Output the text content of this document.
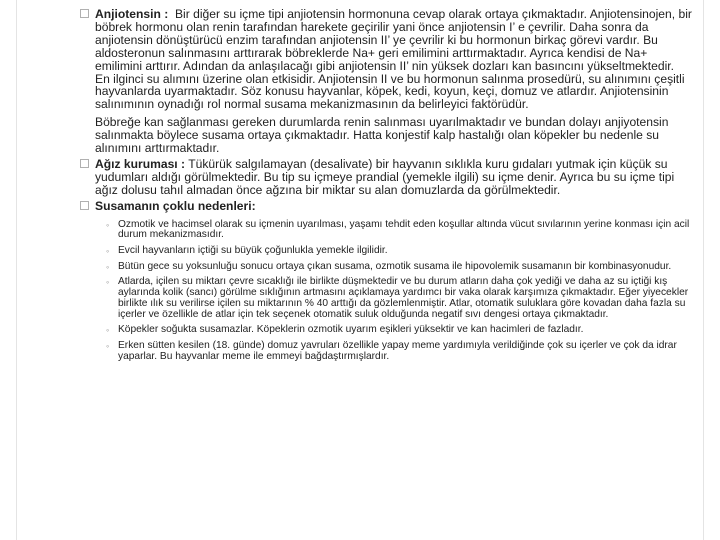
Anjiotensin : Bir diğer su içme tipi anjiotensin hormonuna cevap olarak ortaya çıkmaktadır. Anjiotensinojen, bir böbrek hormonu olan renin tarafından harekete geçirilir yani önce anjiotensin I’ e çevrilir. Daha sonra da anjiotensin dönüştürücü enzim tarafından anjiotensin II’ ye çevrilir ki bu hormonun birkaç görevi vardır. Bu aldosteronun salınmasını arttırarak böbreklerde Na+ geri emilimini arttırmaktadır. Ayrıca kendisi de Na+ emilimini arttırır. Adından da anlaşılacağı gibi anjiotensin II’ nin yüksek dozları kan basıncını yükseltmektedir. En ilginci su alımını üzerine olan etkisidir. Anjiotensin II ve bu hormonun salınma prosedürü, su alınımını çeşitli hayvanlarda uyarmaktadır. Söz konusu hayvanlar, köpek, kedi, koyun, keçi, domuz ve atlardır. Anjiotensinin salınımının oynadığı rol normal susama mekanizmasının da belirleyici faktörüdür.
Böbreğe kan sağlanması gereken durumlarda renin salınması uyarılmaktadır ve bundan dolayı anjiyotensin salınmakta böylece susama ortaya çıkmaktadır. Hatta konjestif kalp hastalığı olan köpekler bu nedenle su alınımını arttırmaktadır.
Ağız kuruması : Tükürük salgılamayan (desalivate) bir hayvanın sıklıkla kuru gıdaları yutmak için küçük su yudumları aldığı görülmektedir. Bu tip su içmeye prandial (yemekle ilgili) su içme denir. Ayrıca bu su içme tipi ağız dolusu tahıl almadan önce ağzına bir miktar su alan domuzlarda da görülmektedir.
Susamanın çoklu nedenleri:
◦ Ozmotik ve hacimsel olarak su içmenin uyarılması, yaşamı tehdit eden koşullar altında vücut sıvılarının yerine konması için acil durum mekanizmasıdır.
◦ Evcil hayvanların içtiği su büyük çoğunlukla yemekle ilgilidir.
◦ Bütün gece su yoksunluğu sonucu ortaya çıkan susama, ozmotik susama ile hipovolemik susamanın bir kombinasyonudur.
◦ Atlarda, içilen su miktarı çevre sıcaklığı ile birlikte düşmektedir ve bu durum atların daha çok yediği ve daha az su içtiği kış aylarında kolik (sancı) görülme sıklığının artmasını açıklamaya yardımcı bir vaka olarak karşımıza çıkmaktadır. Eğer yiyecekler birlikte ılık su verilirse içilen su miktarının % 40 arttığı da gözlemlenmiştir. Atlar, otomatik suluklara göre kovadan daha fazla su içerler ve özellikle de atlar için tek seçenek otomatik suluk olduğunda negatif sıvı dengesi ortaya çıkmaktadır.
◦ Köpekler soğukta susamazlar. Köpeklerin ozmotik uyarım eşikleri yüksektir ve kan hacimleri de fazladır.
◦ Erken sütten kesilen (18. günde) domuz yavruları özellikle yapay meme yardımıyla verildiğinde çok su içerler ve çok da idrar yaparlar. Bu hayvanlar meme ile emmeyi bağdaştırmışlardır.
